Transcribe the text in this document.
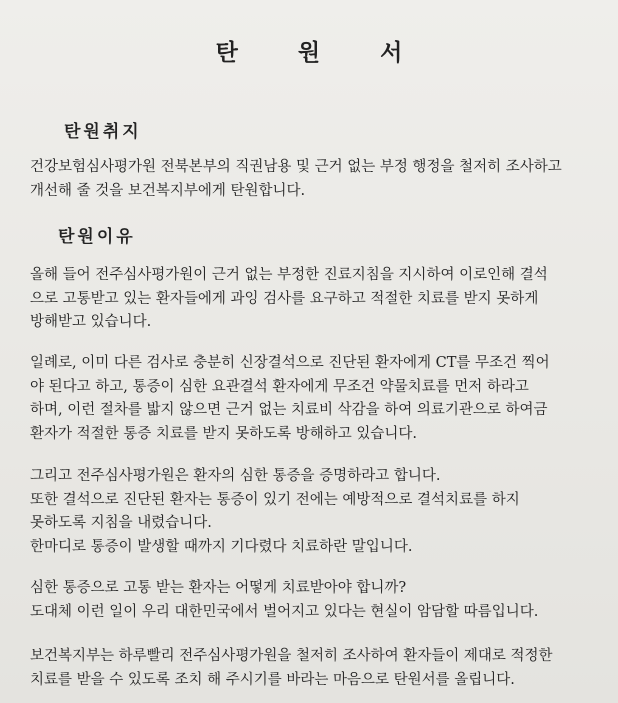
탄 원 서
탄원취지
건강보험심사평가원 전북본부의 직권남용 및 근거 없는 부정 행정을 철저히 조사하고
개선해 줄 것을 보건복지부에게 탄원합니다.
탄원이유
올해 들어 전주심사평가원이 근거 없는 부정한 진료지침을 지시하여 이로인해 결석
으로 고통받고 있는 환자들에게 과잉 검사를 요구하고 적절한 치료를 받지 못하게
방해받고 있습니다.
일례로, 이미 다른 검사로 충분히 신장결석으로 진단된 환자에게 CT를 무조건 찍어
야 된다고 하고, 통증이 심한 요관결석 환자에게 무조건 약물치료를 먼저 하라고
하며, 이런 절차를 밟지 않으면 근거 없는 치료비 삭감을 하여 의료기관으로 하여금
환자가 적절한 통증 치료를 받지 못하도록 방해하고 있습니다.
그리고 전주심사평가원은 환자의 심한 통증을 증명하라고 합니다.
또한 결석으로 진단된 환자는 통증이 있기 전에는 예방적으로 결석치료를 하지
못하도록 지침을 내렸습니다.
한마디로 통증이 발생할 때까지 기다렸다 치료하란 말입니다.
심한 통증으로 고통 받는 환자는 어떻게 치료받아야 합니까?
도대체 이런 일이 우리 대한민국에서 벌어지고 있다는 현실이 암담할 따름입니다.
보건복지부는 하루빨리 전주심사평가원을 철저히 조사하여 환자들이 제대로 적정한
치료를 받을 수 있도록 조치 해 주시기를 바라는 마음으로 탄원서를 올립니다.
